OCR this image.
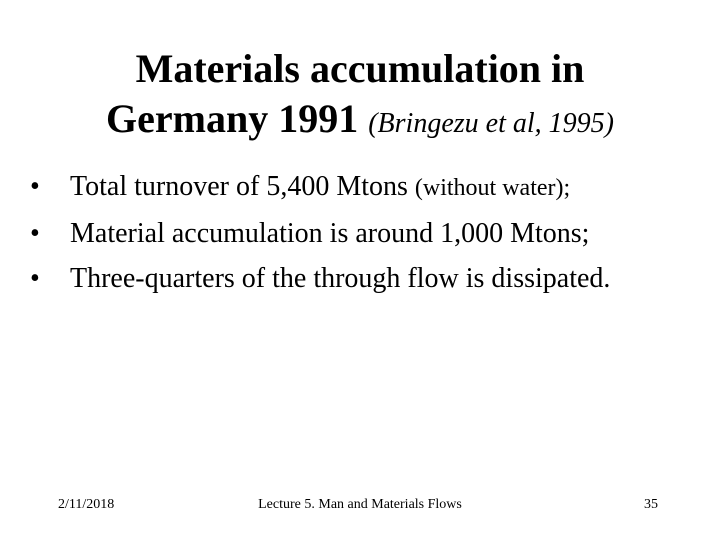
Materials accumulation in
Germany 1991 (Bringezu et al, 1995)
• Total turnover of 5,400 Mtons (without water);
• Material accumulation is around 1,000 Mtons;
• Three-quarters of the through flow is dissipated.
2/11/2018	Lecture 5. Man and Materials Flows	35
